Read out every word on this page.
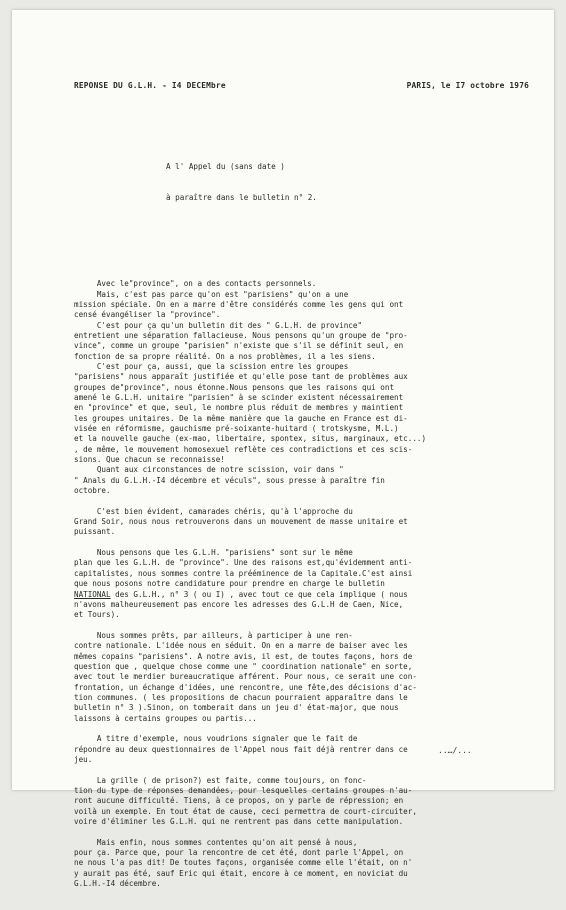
REPONSE DU G.L.H. - I4 DECEMbre

	PARIS, le I7 octobre 1976

A l' Appel du (sans date )

à paraître dans le bulletin n° 2.

Avec le"province", on a des contacts personnels.
Mais, c'est pas parce qu'on est "parisiens" qu'on a une
mission spéciale. On en a marre d'être considérés comme les gens qui ont
censé évangéliser la "province".
C'est pour ça qu'un bulletin dit des " G.L.H. de province"
entretient une séparation fallacieuse. Nous pensons qu'un groupe de "pro-
vince", comme un groupe "parisien" n'existe que s'il se définit seul, en
fonction de sa propre réalité. On a nos problèmes, il a les siens.
C'est pour ça, aussi, que la scission entre les groupes
"parisiens" nous apparaît justifiée et qu'elle pose tant de problèmes aux
groupes de"province", nous étonne.Nous pensons que les raisons qui ont
amené le G.L.H. unitaire "parisien" à se scinder existent nécessairement
en "province" et que, seul, le nombre plus réduit de membres y maintient
les groupes unitaires. De la même manière que la gauche en France est di-
visée en réformisme, gauchisme pré-soixante-huitard ( trotskysme, M.L.)
et la nouvelle gauche (ex-mao, libertaire, spontex, situs, marginaux, etc...)
, de même, le mouvement homosexuel reflète ces contradictions et ces scis-
sions. Que chacun se reconnaisse!
Quant aux circonstances de notre scission, voir dans "
" Anals du G.L.H.-I4 décembre et véculs", sous presse à paraître fin
octobre.
C'est bien évident, camarades chéris, qu'à l'approche du
Grand Soir, nous nous retrouverons dans un mouvement de masse unitaire et
puissant.
Nous pensons que les G.L.H. "parisiens" sont sur le même
plan que les G.L.H. de "province". Une des raisons est,qu'évidemment anti-
capitalistes, nous sommes contre la prééminence de la Capitale.C'est ainsi
que nous posons notre candidature pour prendre en charge le bulletin
NATIONAL des G.L.H., n° 3 ( ou I) , avec tout ce que cela implique ( nous
n'avons malheureusement pas encore les adresses des G.L.H de Caen, Nice,
et Tours).
Nous sommes prêts, par ailleurs, à participer à une ren-
contre nationale. L'idée nous en séduit. On en a marre de baiser avec les
mêmes copains "parisiens". A notre avis, il est, de toutes façons, hors de
question que , quelque chose comme une " coordination nationale" en sorte,
avec tout le merdier bureaucratique afférent. Pour nous, ce serait une con-
frontation, un échange d'idées, une rencontre, une fête,des décisions d'ac-
tion communes. ( les propositions de chacun pourraient apparaître dans le
bulletin n° 3 ).Sinon, on tomberait dans un jeu d' état-major, que nous
laissons à certains groupes ou partis...
A titre d'exemple, nous voudrions signaler que le fait de
répondre au deux questionnaires de l'Appel nous fait déjà rentrer dans ce
jeu.
La grille ( de prison?) est faite, comme toujours, on fonc-
tion du type de réponses demandées, pour lesquelles certains groupes n'au-
ront aucune difficulté. Tiens, à ce propos, on y parle de répression; en
voilà un exemple. En tout état de cause, ceci permettra de court-circuiter,
voire d'éliminer les G.L.H. qui ne rentrent pas dans cette manipulation.
Mais enfin, nous sommes contentes qu'on ait pensé à nous,
pour ça. Parce que, pour la rencontre de cet été, dont parle l'Appel, on
ne nous l'a pas dit! De toutes façons, organisée comme elle l'était, on n'
y aurait pas été, sauf Eric qui était, encore à ce moment, en noviciat du
G.L.H.-I4 décembre.

..…/...
